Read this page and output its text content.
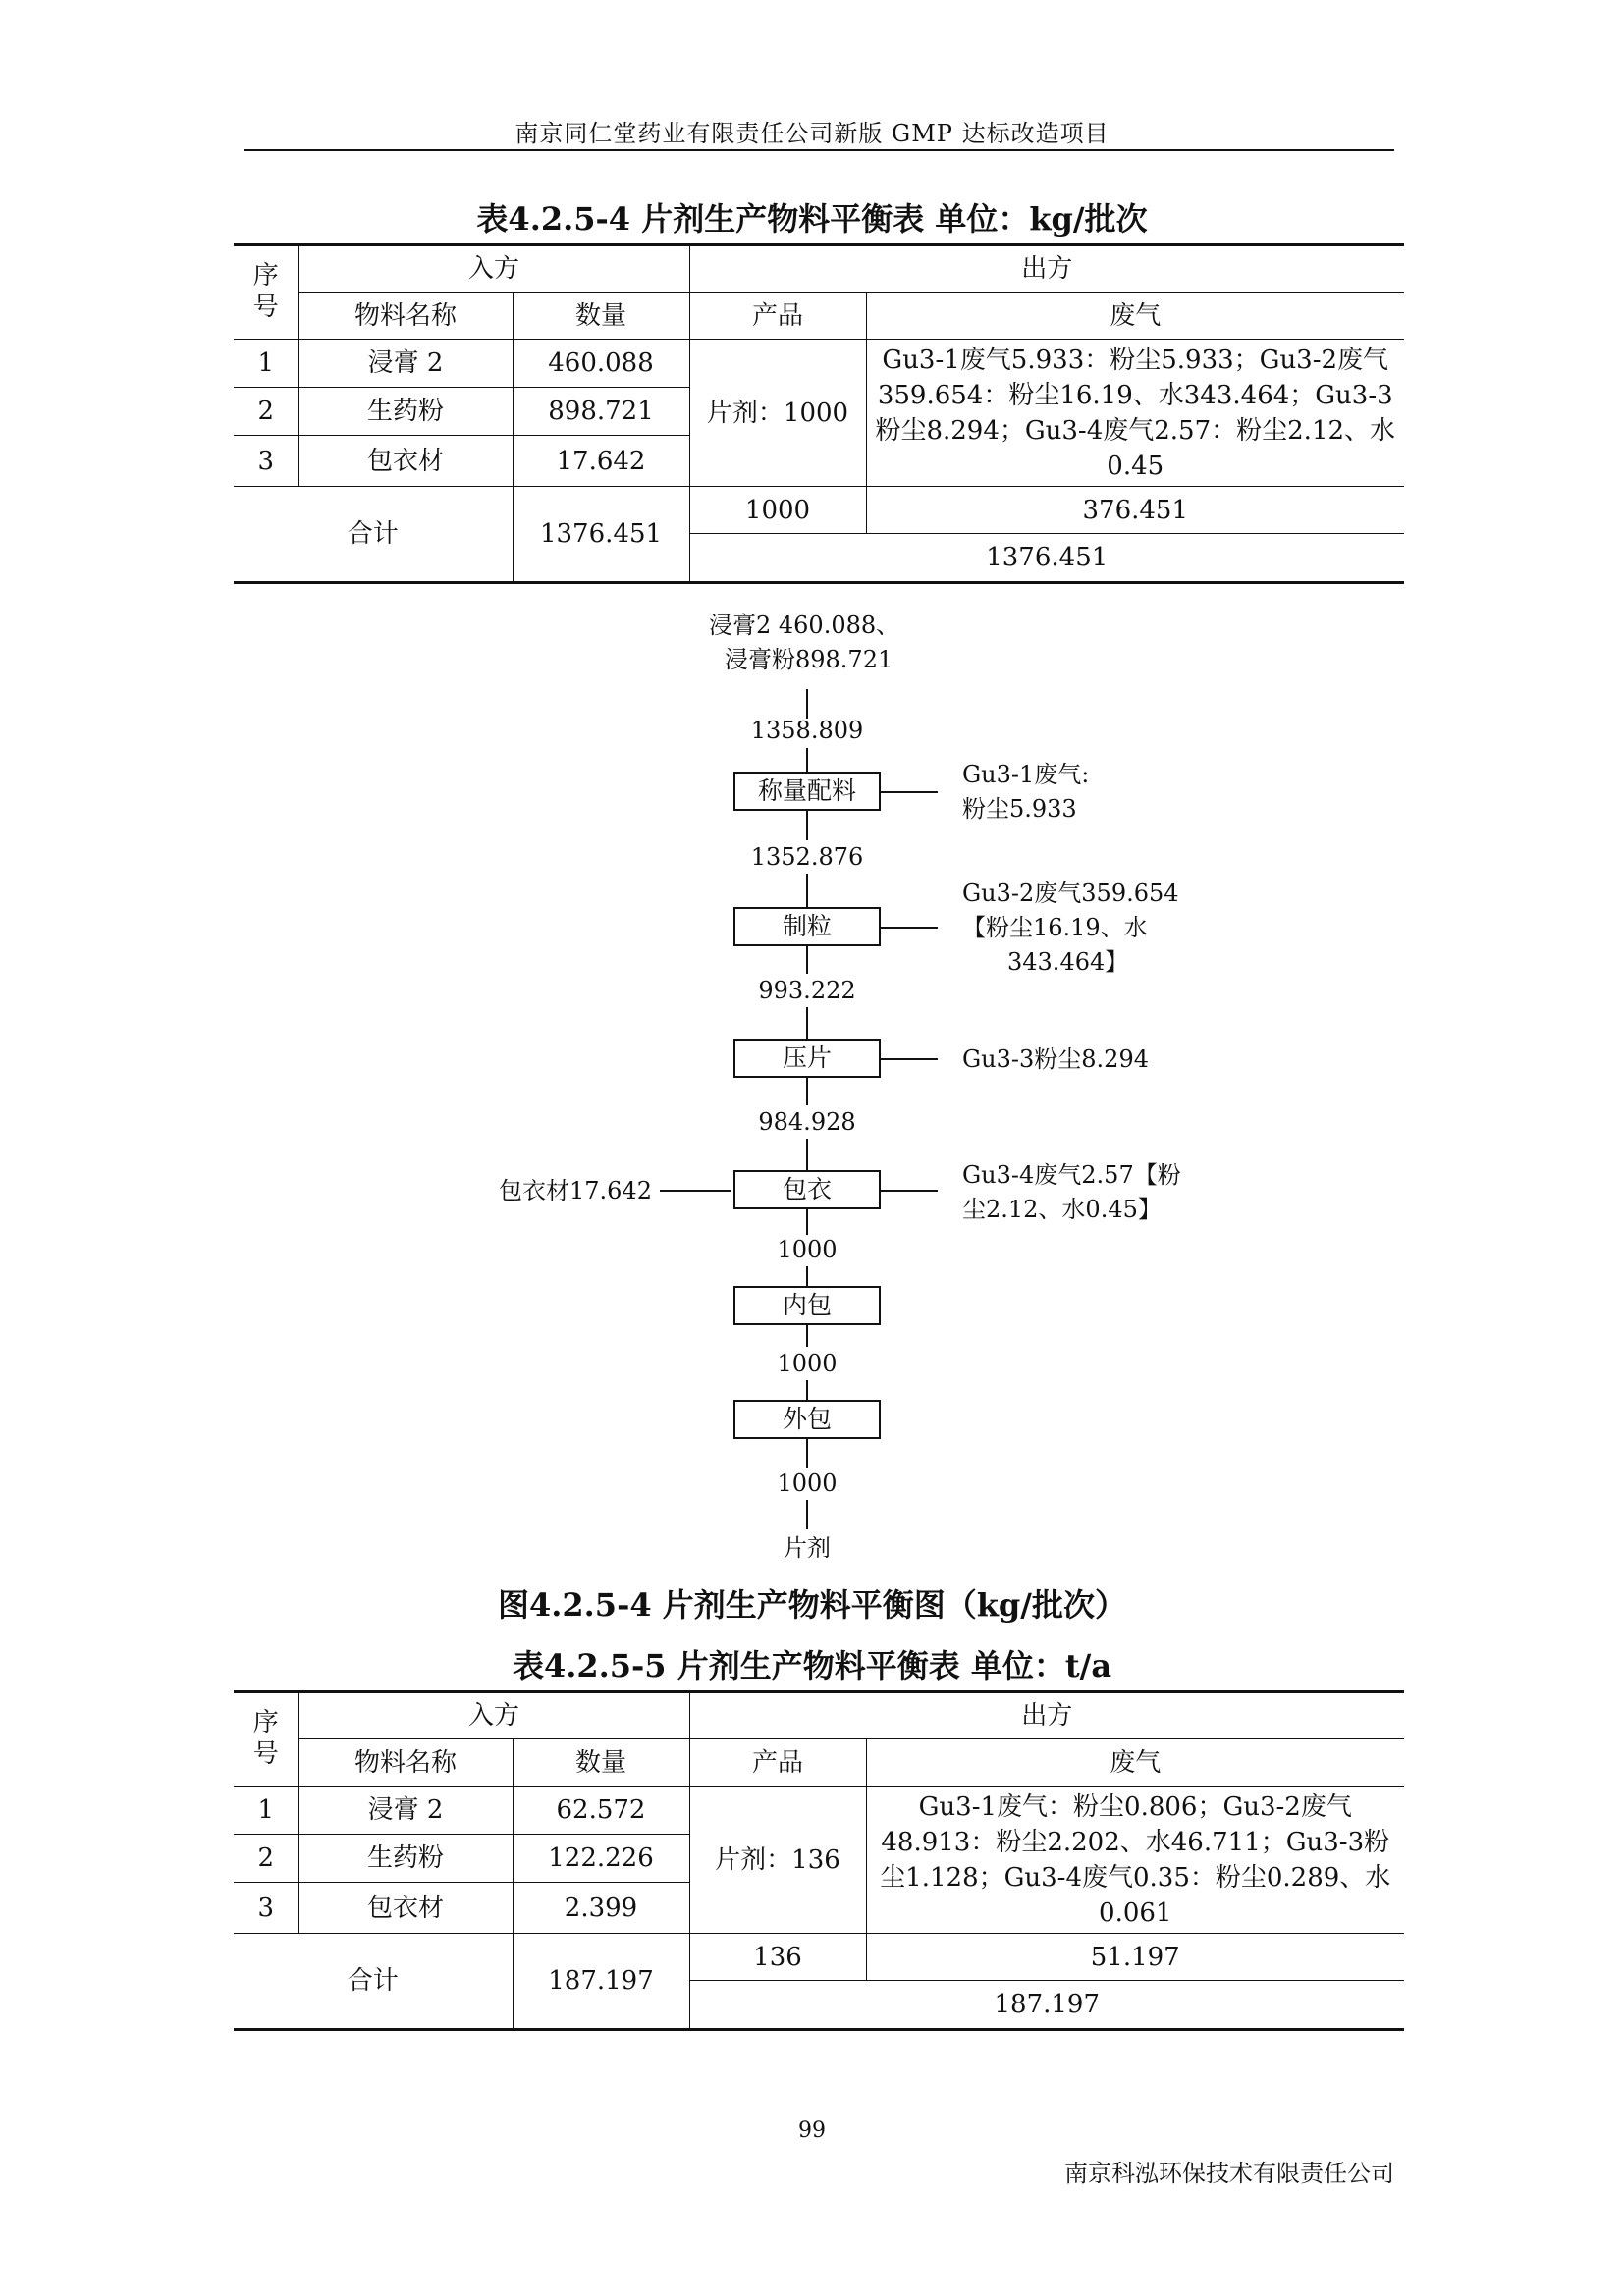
南京同仁堂药业有限责任公司新版 GMP 达标改造项目
表4.2.5-4 片剂生产物料平衡表 单位：kg/批次
序号	入方		出方	
	物料名称	数量	产品	废气
1	浸膏 2	460.088	片剂：1000	Gu3-1废气5.933：粉尘5.933；Gu3-2废气359.654：粉尘16.19、水343.464；Gu3-3粉尘8.294；Gu3-4废气2.57：粉尘2.12、水0.45
2	生药粉	898.721		
3	包衣材	17.642		
合计		1376.451	1000	376.451
			1376.451	
浸膏2 460.088、
浸膏粉898.721
1358.809
称量配料
Gu3-1废气:
粉尘5.933
1352.876
制粒
Gu3-2废气359.654
【粉尘16.19、水
343.464】
993.222
压片	Gu3-3粉尘8.294
984.928
包衣
包衣材17.642
Gu3-4废气2.57【粉
尘2.12、水0.45】
1000
内包
1000
外包
1000
片剂
图4.2.5-4 片剂生产物料平衡图（kg/批次）
表4.2.5-5 片剂生产物料平衡表 单位：t/a
序号	入方		出方	
	物料名称	数量	产品	废气
1	浸膏 2	62.572	片剂：136	Gu3-1废气：粉尘0.806；Gu3-2废气48.913：粉尘2.202、水46.711；Gu3-3粉尘1.128；Gu3-4废气0.35：粉尘0.289、水0.061
2	生药粉	122.226		
3	包衣材	2.399		
合计		187.197	136	51.197
			187.197	
99
南京科泓环保技术有限责任公司
